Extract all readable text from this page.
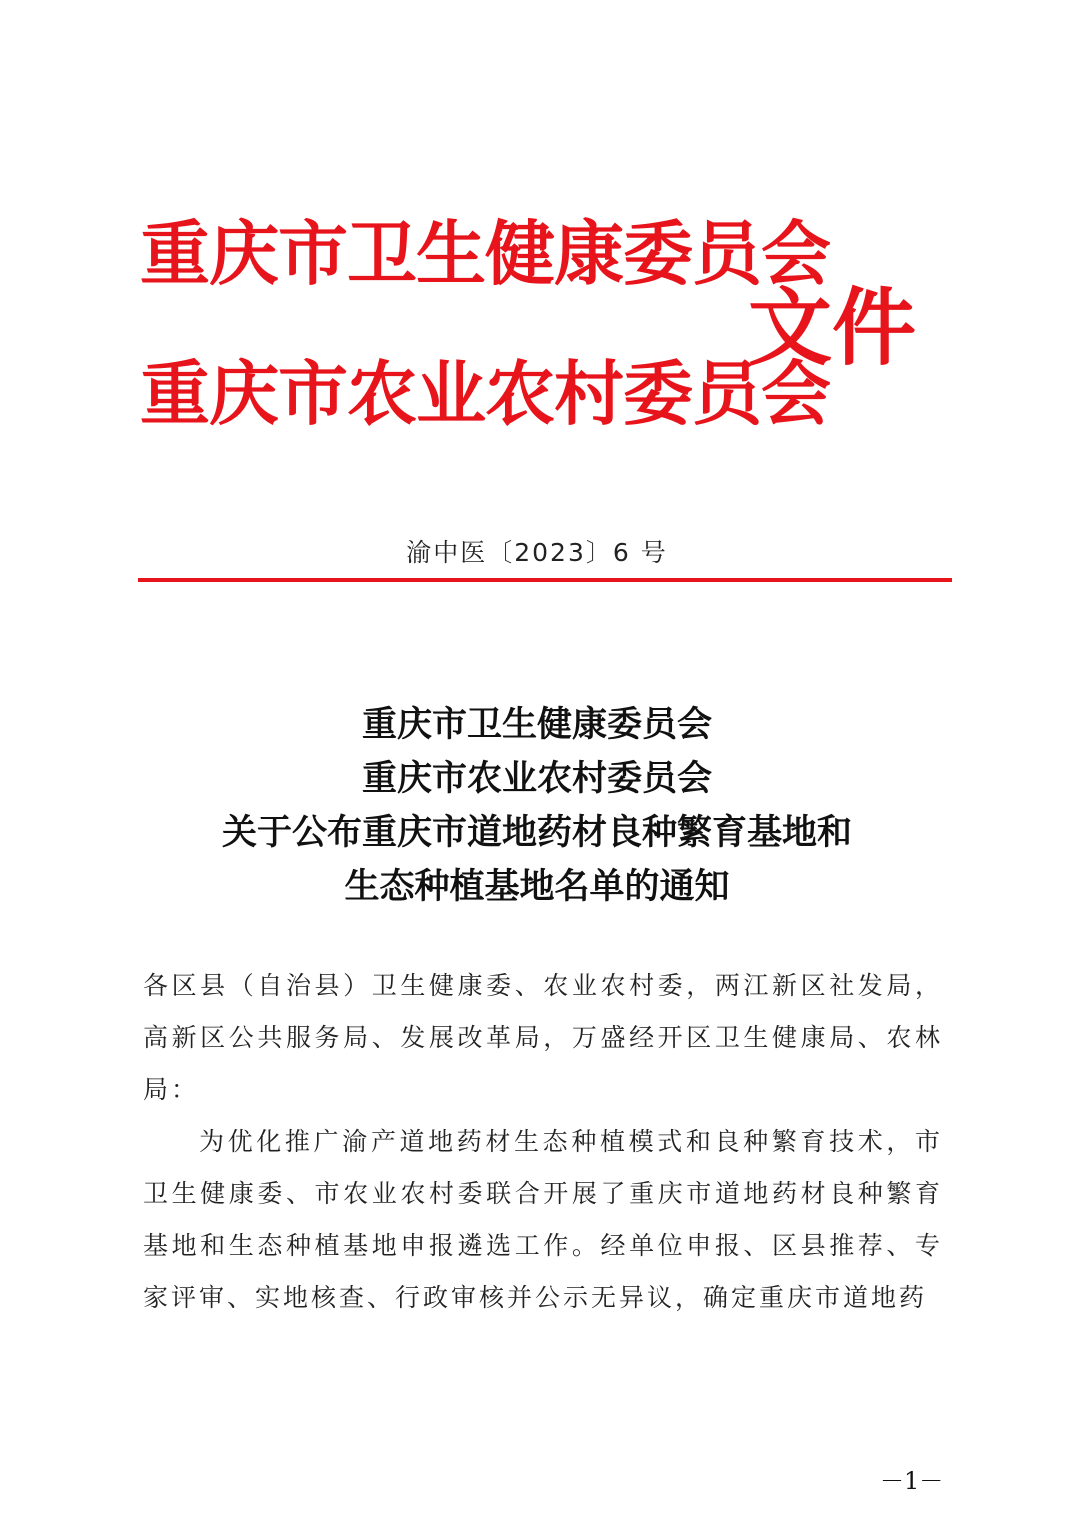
重庆市卫生健康委员会
重庆市农业农村委员会
文件
渝中医〔2023〕6 号
重庆市卫生健康委员会
重庆市农业农村委员会
关于公布重庆市道地药材良种繁育基地和
生态种植基地名单的通知

各区县（自治县）卫生健康委、农业农村委，两江新区社发局，高新区公共服务局、发展改革局，万盛经开区卫生健康局、农林局：

为优化推广渝产道地药材生态种植模式和良种繁育技术，市卫生健康委、市农业农村委联合开展了重庆市道地药材良种繁育基地和生态种植基地申报遴选工作。经单位申报、区县推荐、专家评审、实地核查、行政审核并公示无异议，确定重庆市道地药

－1－
